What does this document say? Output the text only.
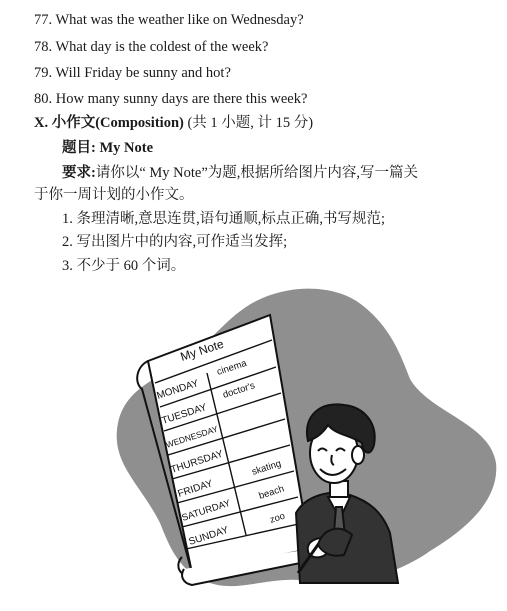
77. What was the weather like on Wednesday?
78. What day is the coldest of the week?
79. Will Friday be sunny and hot?
80. How many sunny days are there this week?
X. 小作文(Composition) (共 1 小题, 计 15 分)
题目: My Note
要求:请你以“ My Note”为题,根据所给图片内容,写一篇关
于你一周计划的小作文。
1. 条理清晰,意思连贯,语句通顺,标点正确,书写规范;
2. 写出图片中的内容,可作适当发挥;
3. 不少于 60 个词。
My Note
MONDAY
TUESDAY
WEDNESDAY
THURSDAY
FRIDAY
SATURDAY
SUNDAY
cinema
doctor's
skating
beach
zoo
